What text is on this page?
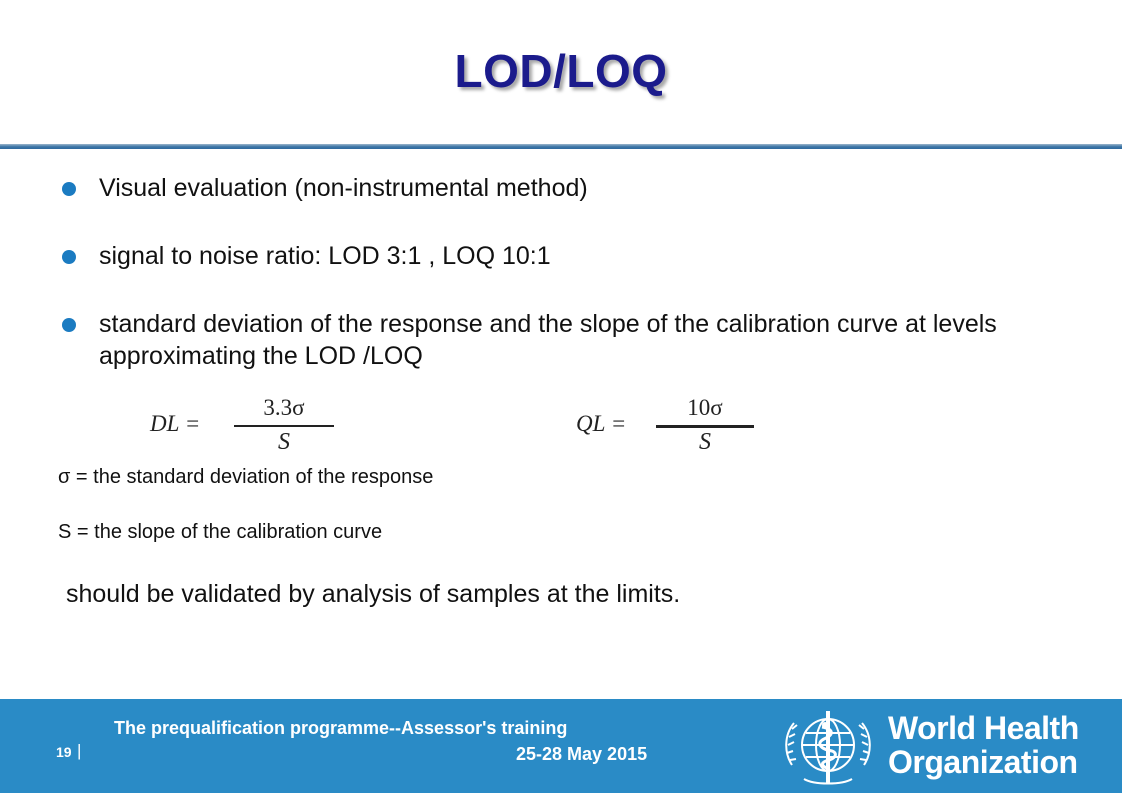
LOD/LOQ
Visual evaluation (non-instrumental method)
signal to noise ratio: LOD 3:1 , LOQ 10:1
standard deviation of the response and the slope of the calibration curve at levels approximating the LOD /LOQ
DL =
3.3σ
S
QL =
10σ
S
σ = the standard deviation of the response
S = the slope of the calibration curve
should be validated by analysis of samples at the limits.
19 |
The prequalification programme--Assessor's training
25-28 May 2015
World Health
Organization
